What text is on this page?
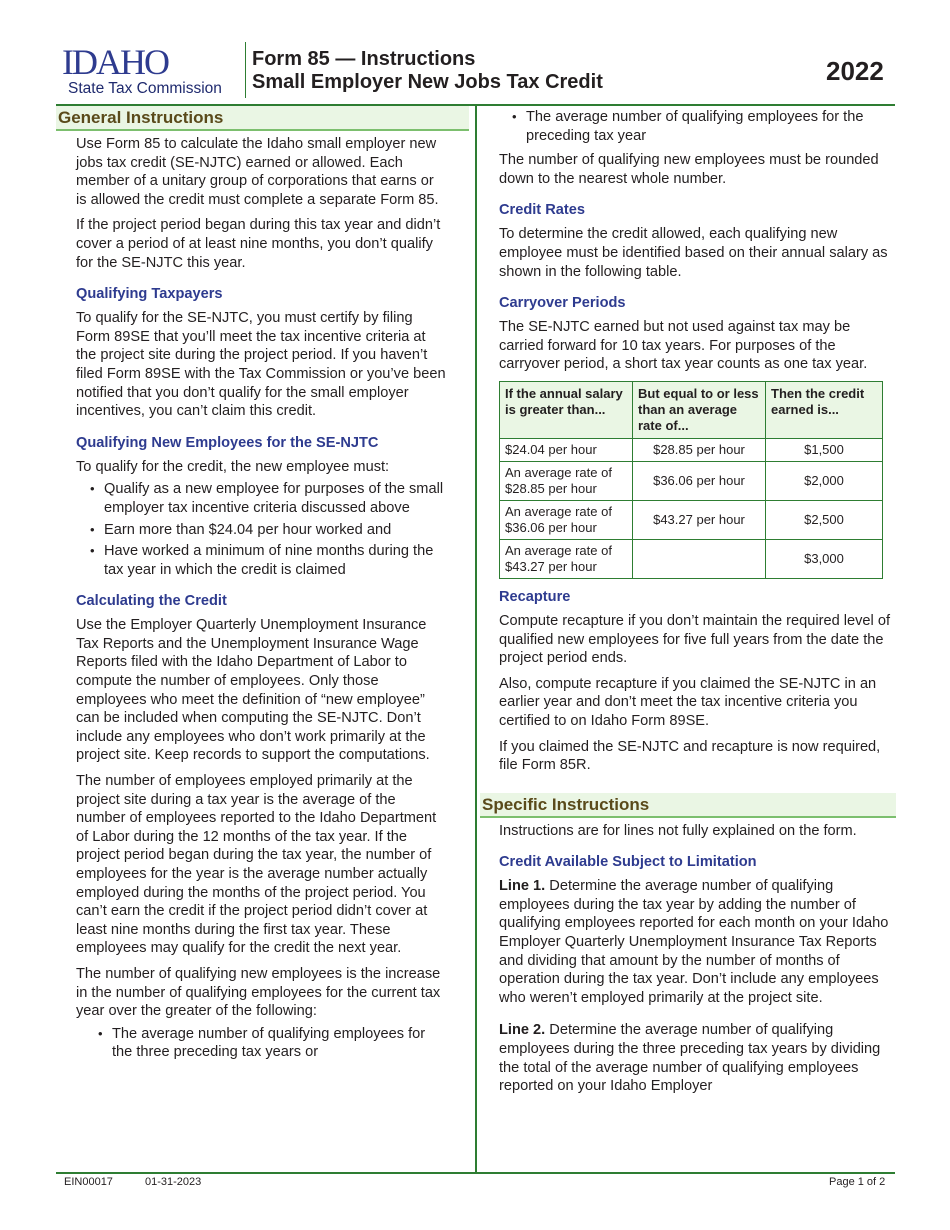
IDAHO
State Tax Commission
Form 85 — Instructions
Small Employer New Jobs Tax Credit	2022
General Instructions

Use Form 85 to calculate the Idaho small employer new jobs tax credit (SE-NJTC) earned or allowed. Each member of a unitary group of corporations that earns or is allowed the credit must complete a separate Form 85.

If the project period began during this tax year and didn’t cover a period of at least nine months, you don’t qualify for the SE-NJTC this year.

Qualifying Taxpayers

To qualify for the SE-NJTC, you must certify by filing Form 89SE that you’ll meet the tax incentive criteria at the project site during the project period. If you haven’t filed Form 89SE with the Tax Commission or you’ve been notified that you don’t qualify for the small employer incentives, you can’t claim this credit.

Qualifying New Employees for the SE-NJTC

To qualify for the credit, the new employee must:

• Qualify as a new employee for purposes of the small employer tax incentive criteria discussed above
• Earn more than $24.04 per hour worked and
• Have worked a minimum of nine months during the tax year in which the credit is claimed
Calculating the Credit

Use the Employer Quarterly Unemployment Insurance Tax Reports and the Unemployment Insurance Wage Reports filed with the Idaho Department of Labor to compute the number of employees. Only those employees who meet the definition of “new employee” can be included when computing the SE-NJTC. Don’t include any employees who don’t work primarily at the project site. Keep records to support the computations.

The number of employees employed primarily at the project site during a tax year is the average of the number of employees reported to the Idaho Department of Labor during the 12 months of the tax year. If the project period began during the tax year, the number of employees for the year is the average number actually employed during the months of the project period. You can’t earn the credit if the project period didn’t cover at least nine months during the first tax year. These employees may qualify for the credit the next year.

The number of qualifying new employees is the increase in the number of qualifying employees for the current tax year over the greater of the following:

• The average number of qualifying employees for the three preceding tax years or
• The average number of qualifying employees for the preceding tax year

The number of qualifying new employees must be rounded down to the nearest whole number.

Credit Rates

To determine the credit allowed, each qualifying new employee must be identified based on their annual salary as shown in the following table.

Carryover Periods

The SE-NJTC earned but not used against tax may be carried forward for 10 tax years. For purposes of the carryover period, a short tax year counts as one tax year.

If the annual salary is greater than...	But equal to or less than an average rate of...	Then the credit earned is...
$24.04 per hour	$28.85 per hour	$1,500
An average rate of $28.85 per hour	$36.06 per hour	$2,000
An average rate of $36.06 per hour	$43.27 per hour	$2,500
An average rate of $43.27 per hour		$3,000
Recapture

Compute recapture if you don’t maintain the required level of qualified new employees for five full years from the date the project period ends.

Also, compute recapture if you claimed the SE-NJTC in an earlier year and don’t meet the tax incentive criteria you certified to on Idaho Form 89SE.

If you claimed the SE-NJTC and recapture is now required, file Form 85R.

Specific Instructions

Instructions are for lines not fully explained on the form.

Credit Available Subject to Limitation

Line 1. Determine the average number of qualifying employees during the tax year by adding the number of qualifying employees reported for each month on your Idaho Employer Quarterly Unemployment Insurance Tax Reports and dividing that amount by the number of months of operation during the tax year. Don’t include any employees who weren’t employed primarily at the project site.

Line 2. Determine the average number of qualifying employees during the three preceding tax years by dividing the total of the average number of qualifying employees reported on your Idaho Employer

EIN00017	01-31-2023	Page 1 of 2
